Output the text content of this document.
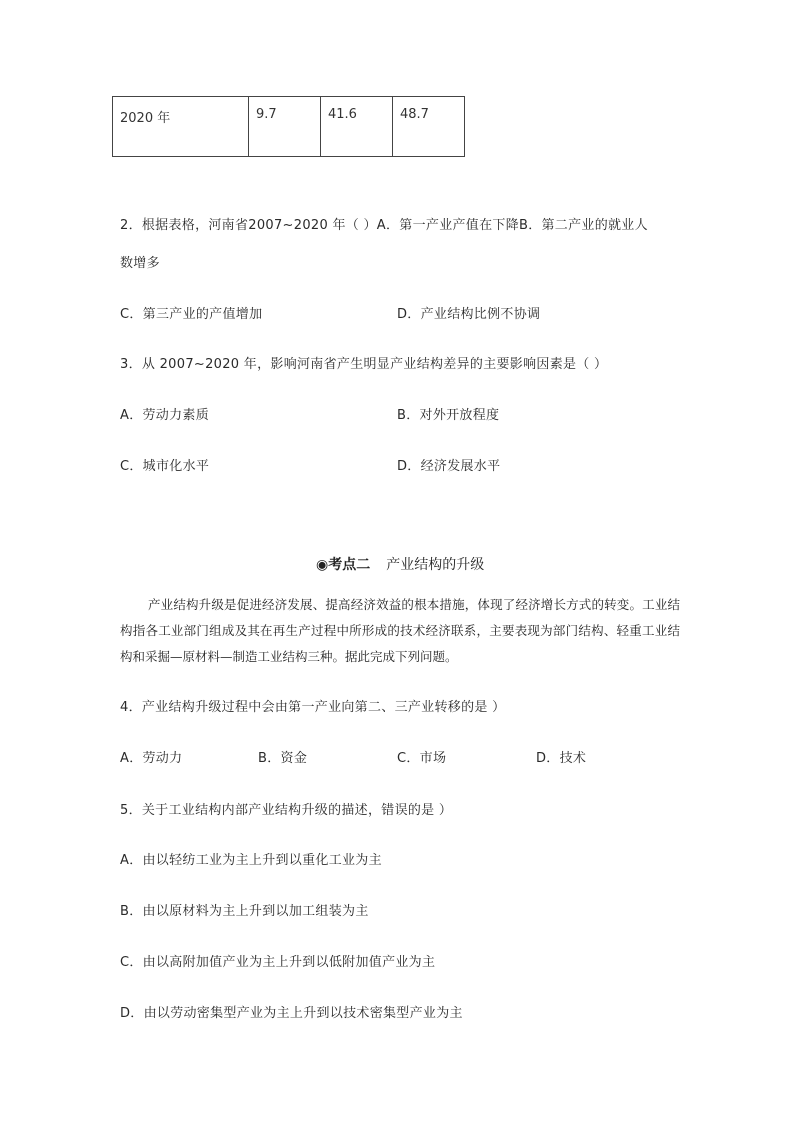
2020 年	9.7	41.6	48.7
2．根据表格，河南省2007~2020 年（ ）A．第一产业产值在下降B．第二产业的就业人
数增多
C．第三产业的产值增加	D．产业结构比例不协调
3．从 2007~2020 年，影响河南省产生明显产业结构差异的主要影响因素是（ ）
A．劳动力素质	B．对外开放程度
C．城市化水平	D．经济发展水平
◉考点二 产业结构的升级
产业结构升级是促进经济发展、提高经济效益的根本措施，体现了经济增长方式的转变。工业结构指各工业部门组成及其在再生产过程中所形成的技术经济联系，主要表现为部门结构、轻重工业结构和采掘—原材料—制造工业结构三种。据此完成下列问题。
4．产业结构升级过程中会由第一产业向第二、三产业转移的是 ）
A．劳动力	B．资金	C．市场	D．技术
5．关于工业结构内部产业结构升级的描述，错误的是 ）
A．由以轻纺工业为主上升到以重化工业为主
B．由以原材料为主上升到以加工组装为主
C．由以高附加值产业为主上升到以低附加值产业为主
D．由以劳动密集型产业为主上升到以技术密集型产业为主
